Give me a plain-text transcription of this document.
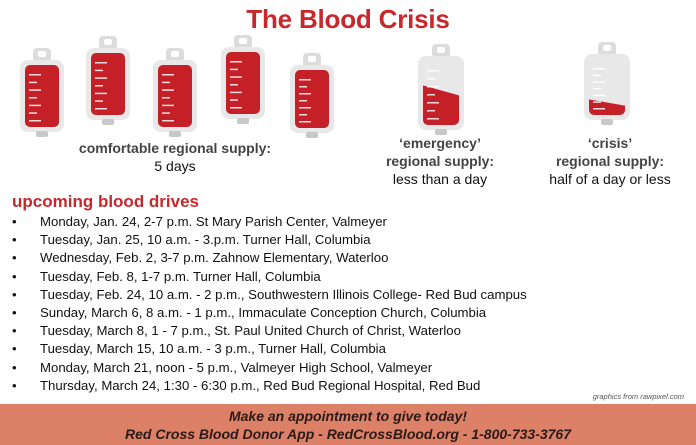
The Blood Crisis
comfortable regional supply:
5 days
‘emergency’
regional supply:
less than a day
‘crisis’
regional supply:
half of a day or less
upcoming blood drives
• Monday, Jan. 24, 2-7 p.m. St Mary Parish Center, Valmeyer
• Tuesday, Jan. 25, 10 a.m. - 3.p.m. Turner Hall, Columbia
• Wednesday, Feb. 2, 3-7 p.m. Zahnow Elementary, Waterloo
• Tuesday, Feb. 8, 1-7 p.m. Turner Hall, Columbia
• Tuesday, Feb. 24, 10 a.m. - 2 p.m., Southwestern Illinois College- Red Bud campus
• Sunday, March 6, 8 a.m. - 1 p.m., Immaculate Conception Church, Columbia
• Tuesday, March 8, 1 - 7 p.m., St. Paul United Church of Christ, Waterloo
• Tuesday, March 15, 10 a.m. - 3 p.m., Turner Hall, Columbia
• Monday, March 21, noon - 5 p.m., Valmeyer High School, Valmeyer
• Thursday, March 24, 1:30 - 6:30 p.m., Red Bud Regional Hospital, Red Bud
graphics from rawpixel.com
Make an appointment to give today!
Red Cross Blood Donor App - RedCrossBlood.org - 1-800-733-3767
